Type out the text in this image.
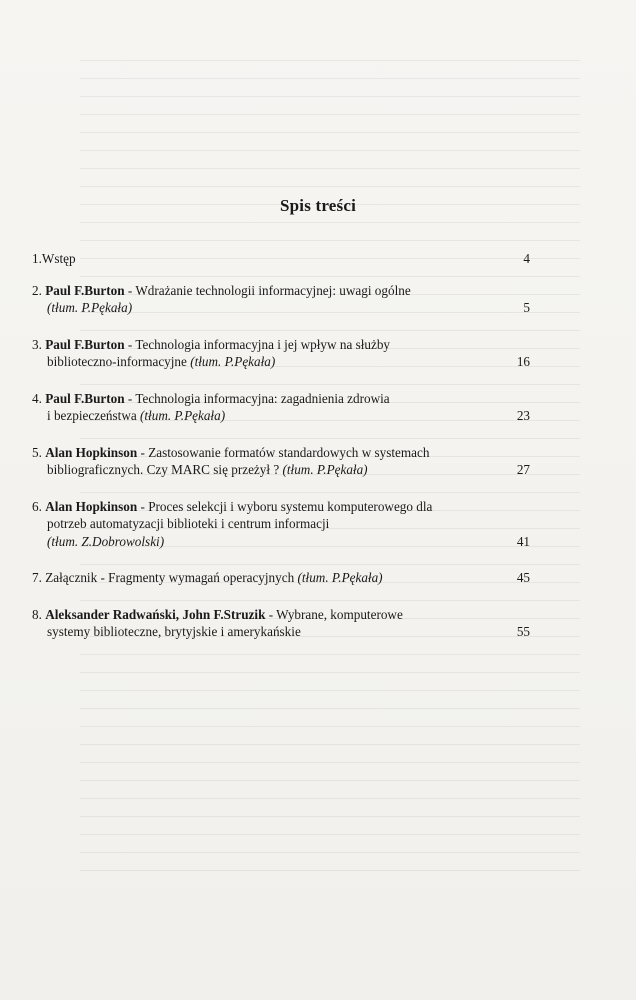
Spis treści
1.Wstęp	4
2. Paul F.Burton - Wdrażanie technologii informacyjnej: uwagi ogólne
(tłum. P.Pękała)	5
3. Paul F.Burton - Technologia informacyjna i jej wpływ na służby
biblioteczno-informacyjne (tłum. P.Pękała)	16
4. Paul F.Burton - Technologia informacyjna: zagadnienia zdrowia
i bezpieczeństwa (tłum. P.Pękała)	23
5. Alan Hopkinson - Zastosowanie formatów standardowych w systemach
bibliograficznych. Czy MARC się przeżył ? (tłum. P.Pękała)	27
6. Alan Hopkinson - Proces selekcji i wyboru systemu komputerowego dla
potrzeb automatyzacji biblioteki i centrum informacji
(tłum. Z.Dobrowolski)	41
7. Załącznik - Fragmenty wymagań operacyjnych (tłum. P.Pękała)	45
8. Aleksander Radwański, John F.Struzik - Wybrane, komputerowe
systemy biblioteczne, brytyjskie i amerykańskie	55
